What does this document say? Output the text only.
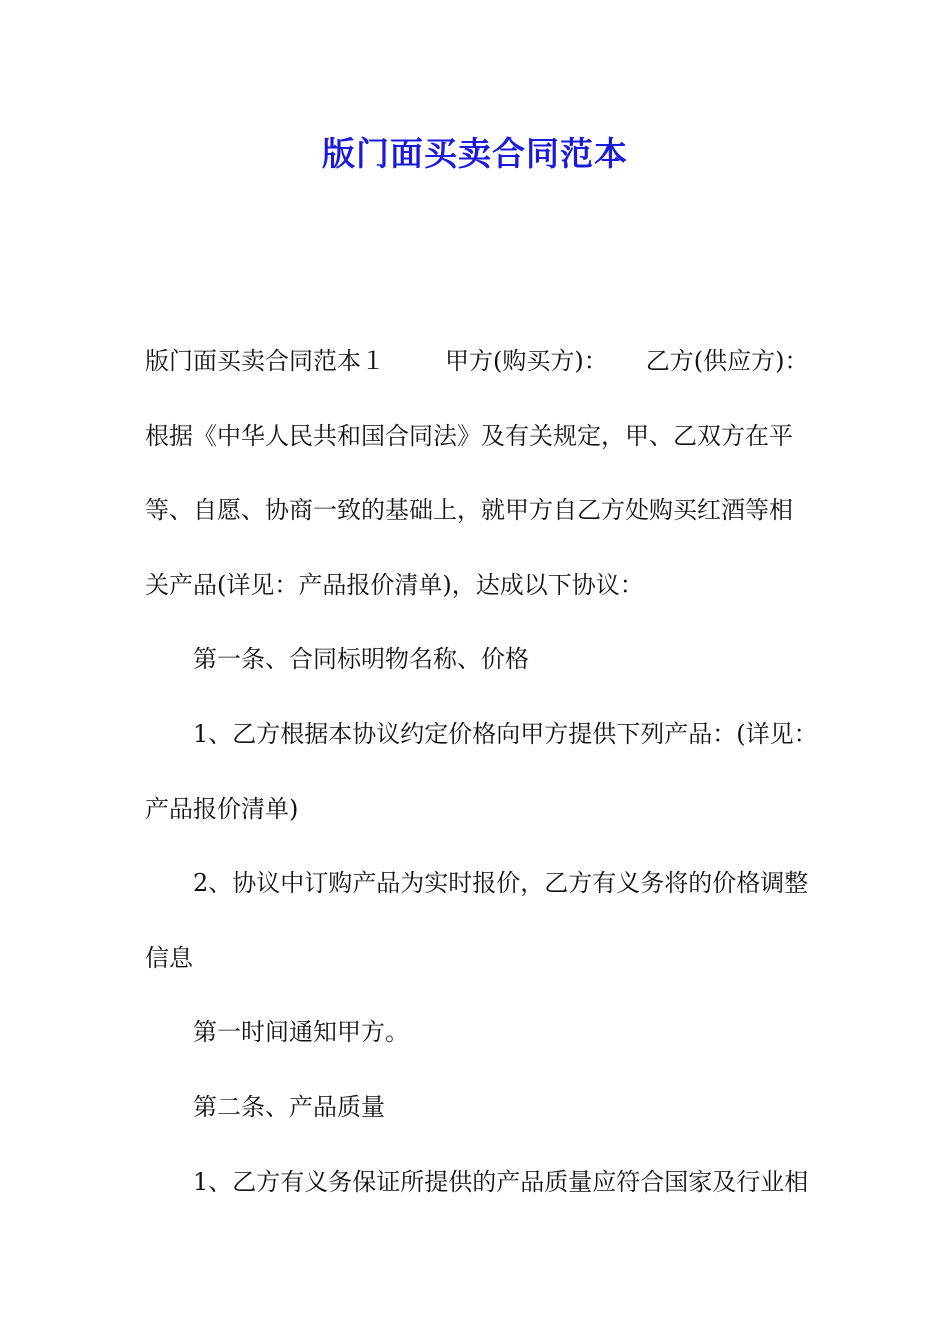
版门面买卖合同范本
版门面买卖合同范本１	甲方(购买方)： 乙方(供应方)：
根据《中华人民共和国合同法》及有关规定，甲、乙双方在平
等、自愿、协商一致的基础上，就甲方自乙方处购买红酒等相
关产品(详见：产品报价清单)，达成以下协议：
第一条、合同标明物名称、价格
1、乙方根据本协议约定价格向甲方提供下列产品：(详见：
产品报价清单)
2、协议中订购产品为实时报价，乙方有义务将的价格调整
信息
第一时间通知甲方。
第二条、产品质量
1、乙方有义务保证所提供的产品质量应符合国家及行业相
